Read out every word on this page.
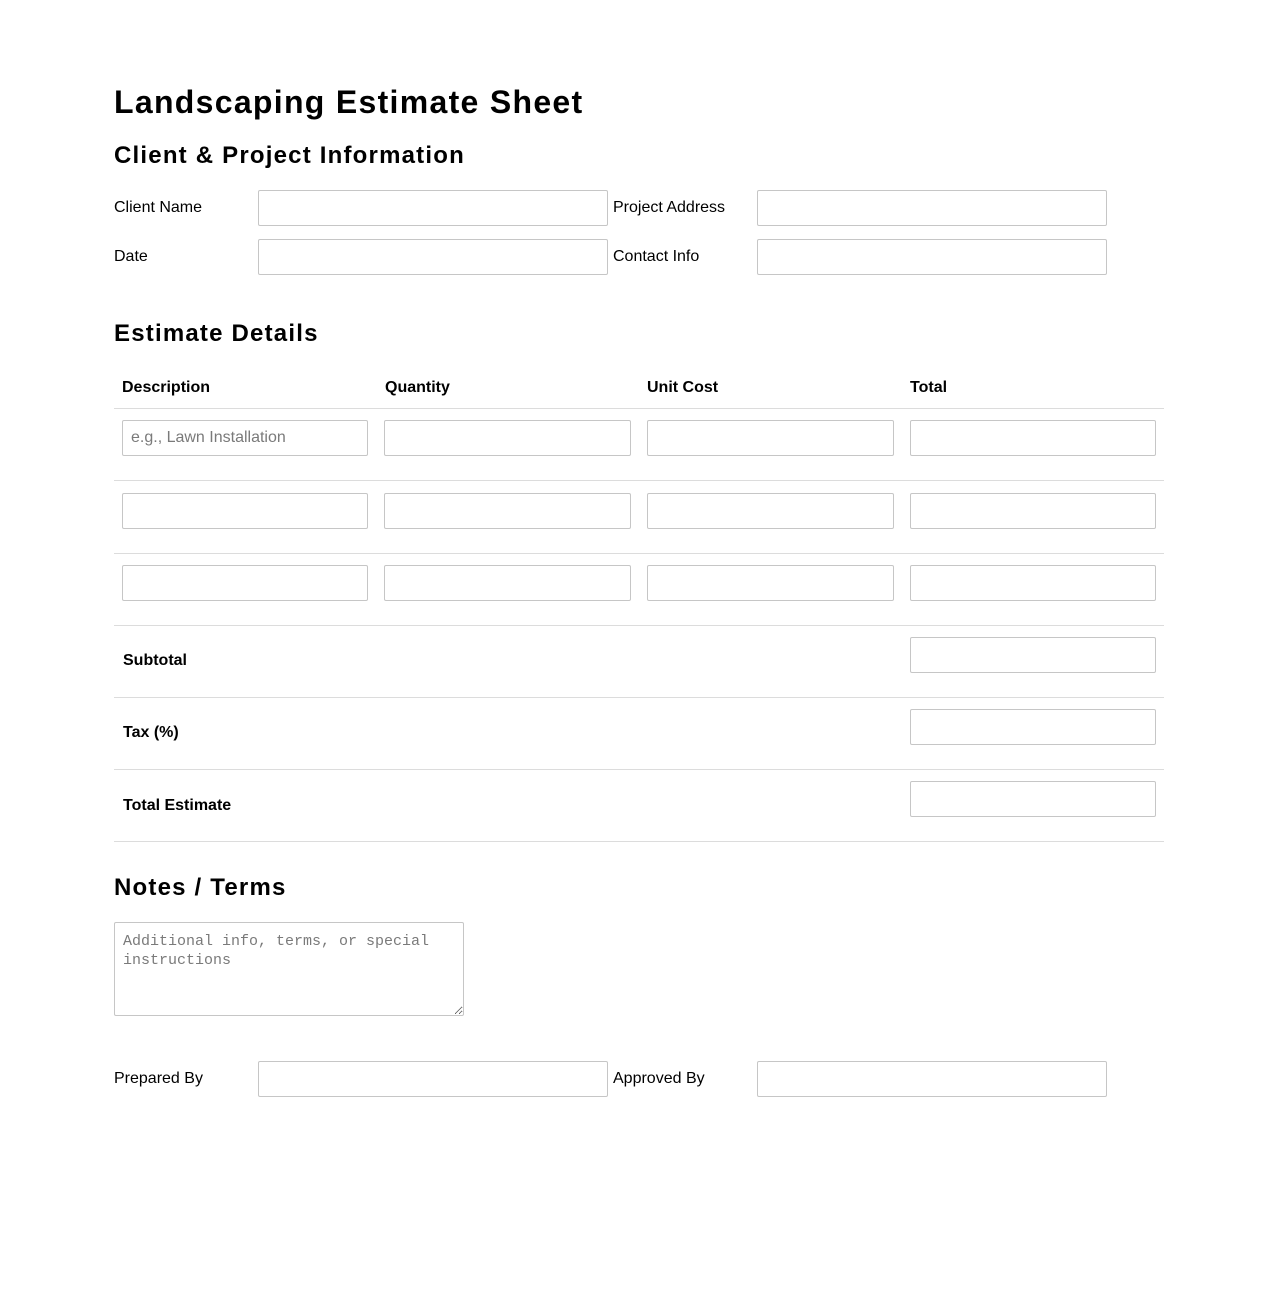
Landscaping Estimate Sheet
Client & Project Information
Client Name	Project Address
Date	Contact Info
Estimate Details
Description	Quantity	Unit Cost	Total
e.g., Lawn Installation
Subtotal
Tax (%)
Total Estimate
Notes / Terms
Additional info, terms, or special instructions
Prepared By	Approved By
